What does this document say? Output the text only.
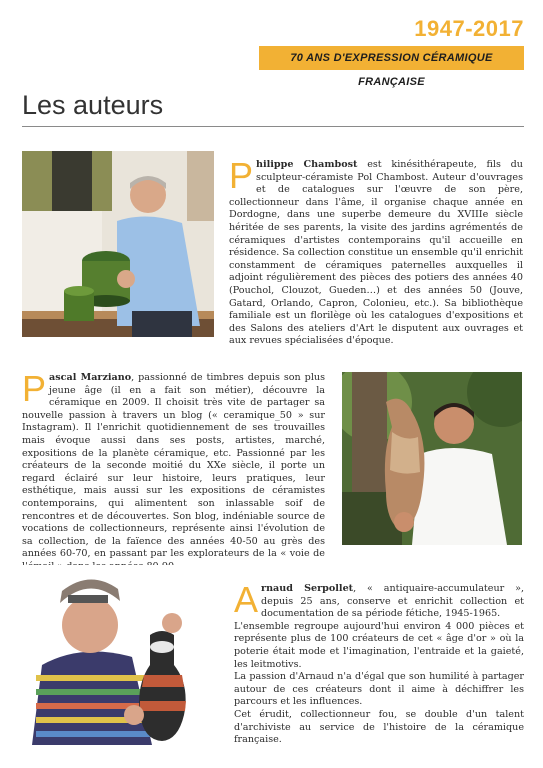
1947-2017
70 ANS D'EXPRESSION CÉRAMIQUE FRANÇAISE
Les auteurs

Philippe Chambost est kinésithérapeute, fils du sculpteur-céramiste Pol Chambost. Auteur d'ouvrages et de catalogues sur l'œuvre de son père, collectionneur dans l'âme, il organise chaque année en Dordogne, dans une superbe demeure du XVIIIe siècle héritée de ses parents, la visite des jardins agrémentés de céramiques d'artistes contemporains qu'il accueille en résidence. Sa collection constitue un ensemble qu'il enrichit constamment de céramiques paternelles auxquelles il adjoint régulièrement des pièces des potiers des années 40 (Pouchol, Clouzot, Gueden…) et des années 50 (Jouve, Gatard, Orlando, Capron, Colonieu, etc.). Sa bibliothèque familiale est un florilège où les catalogues d'expositions et des Salons des ateliers d'Art le disputent aux ouvrages et aux revues spécialisées d'époque.

Pascal Marziano, passionné de timbres depuis son plus jeune âge (il en a fait son métier), découvre la céramique en 2009. Il choisit très vite de partager sa nouvelle passion à travers un blog (« ceramique_50 » sur Instagram). Il l'enrichit quotidiennement de ses trouvailles mais évoque aussi dans ses posts, artistes, marché, expositions de la planète céramique, etc. Passionné par les créateurs de la seconde moitié du XXe siècle, il porte un regard éclairé sur leur histoire, leurs pratiques, leur esthétique, mais aussi sur les expositions de céramistes contemporains, qui alimentent son inlassable soif de rencontres et de découvertes. Son blog, indéniable source de vocations de collectionneurs, représente ainsi l'évolution de sa collection, de la faïence des années 40-50 au grès des années 60-70, en passant par les explorateurs de la « voie de

Arnaud Serpollet, « antiquaire-accumulateur », depuis 25 ans, conserve et enrichit collection et documentation de sa période fétiche, 1945-1965.

L'ensemble regroupe aujourd'hui environ 4 000 pièces et représente plus de 100 créateurs de cet « âge d'or » où la poterie était mode et l'imagination, l'entraide et la gaieté, les leitmotivs.

La passion d'Arnaud n'a d'égal que son humilité à partager autour de ces créateurs dont il aime à déchiffrer les parcours et les influences.

Cet érudit, collectionneur fou, se double d'un talent d'archiviste au service de l'histoire de la céramique française.
